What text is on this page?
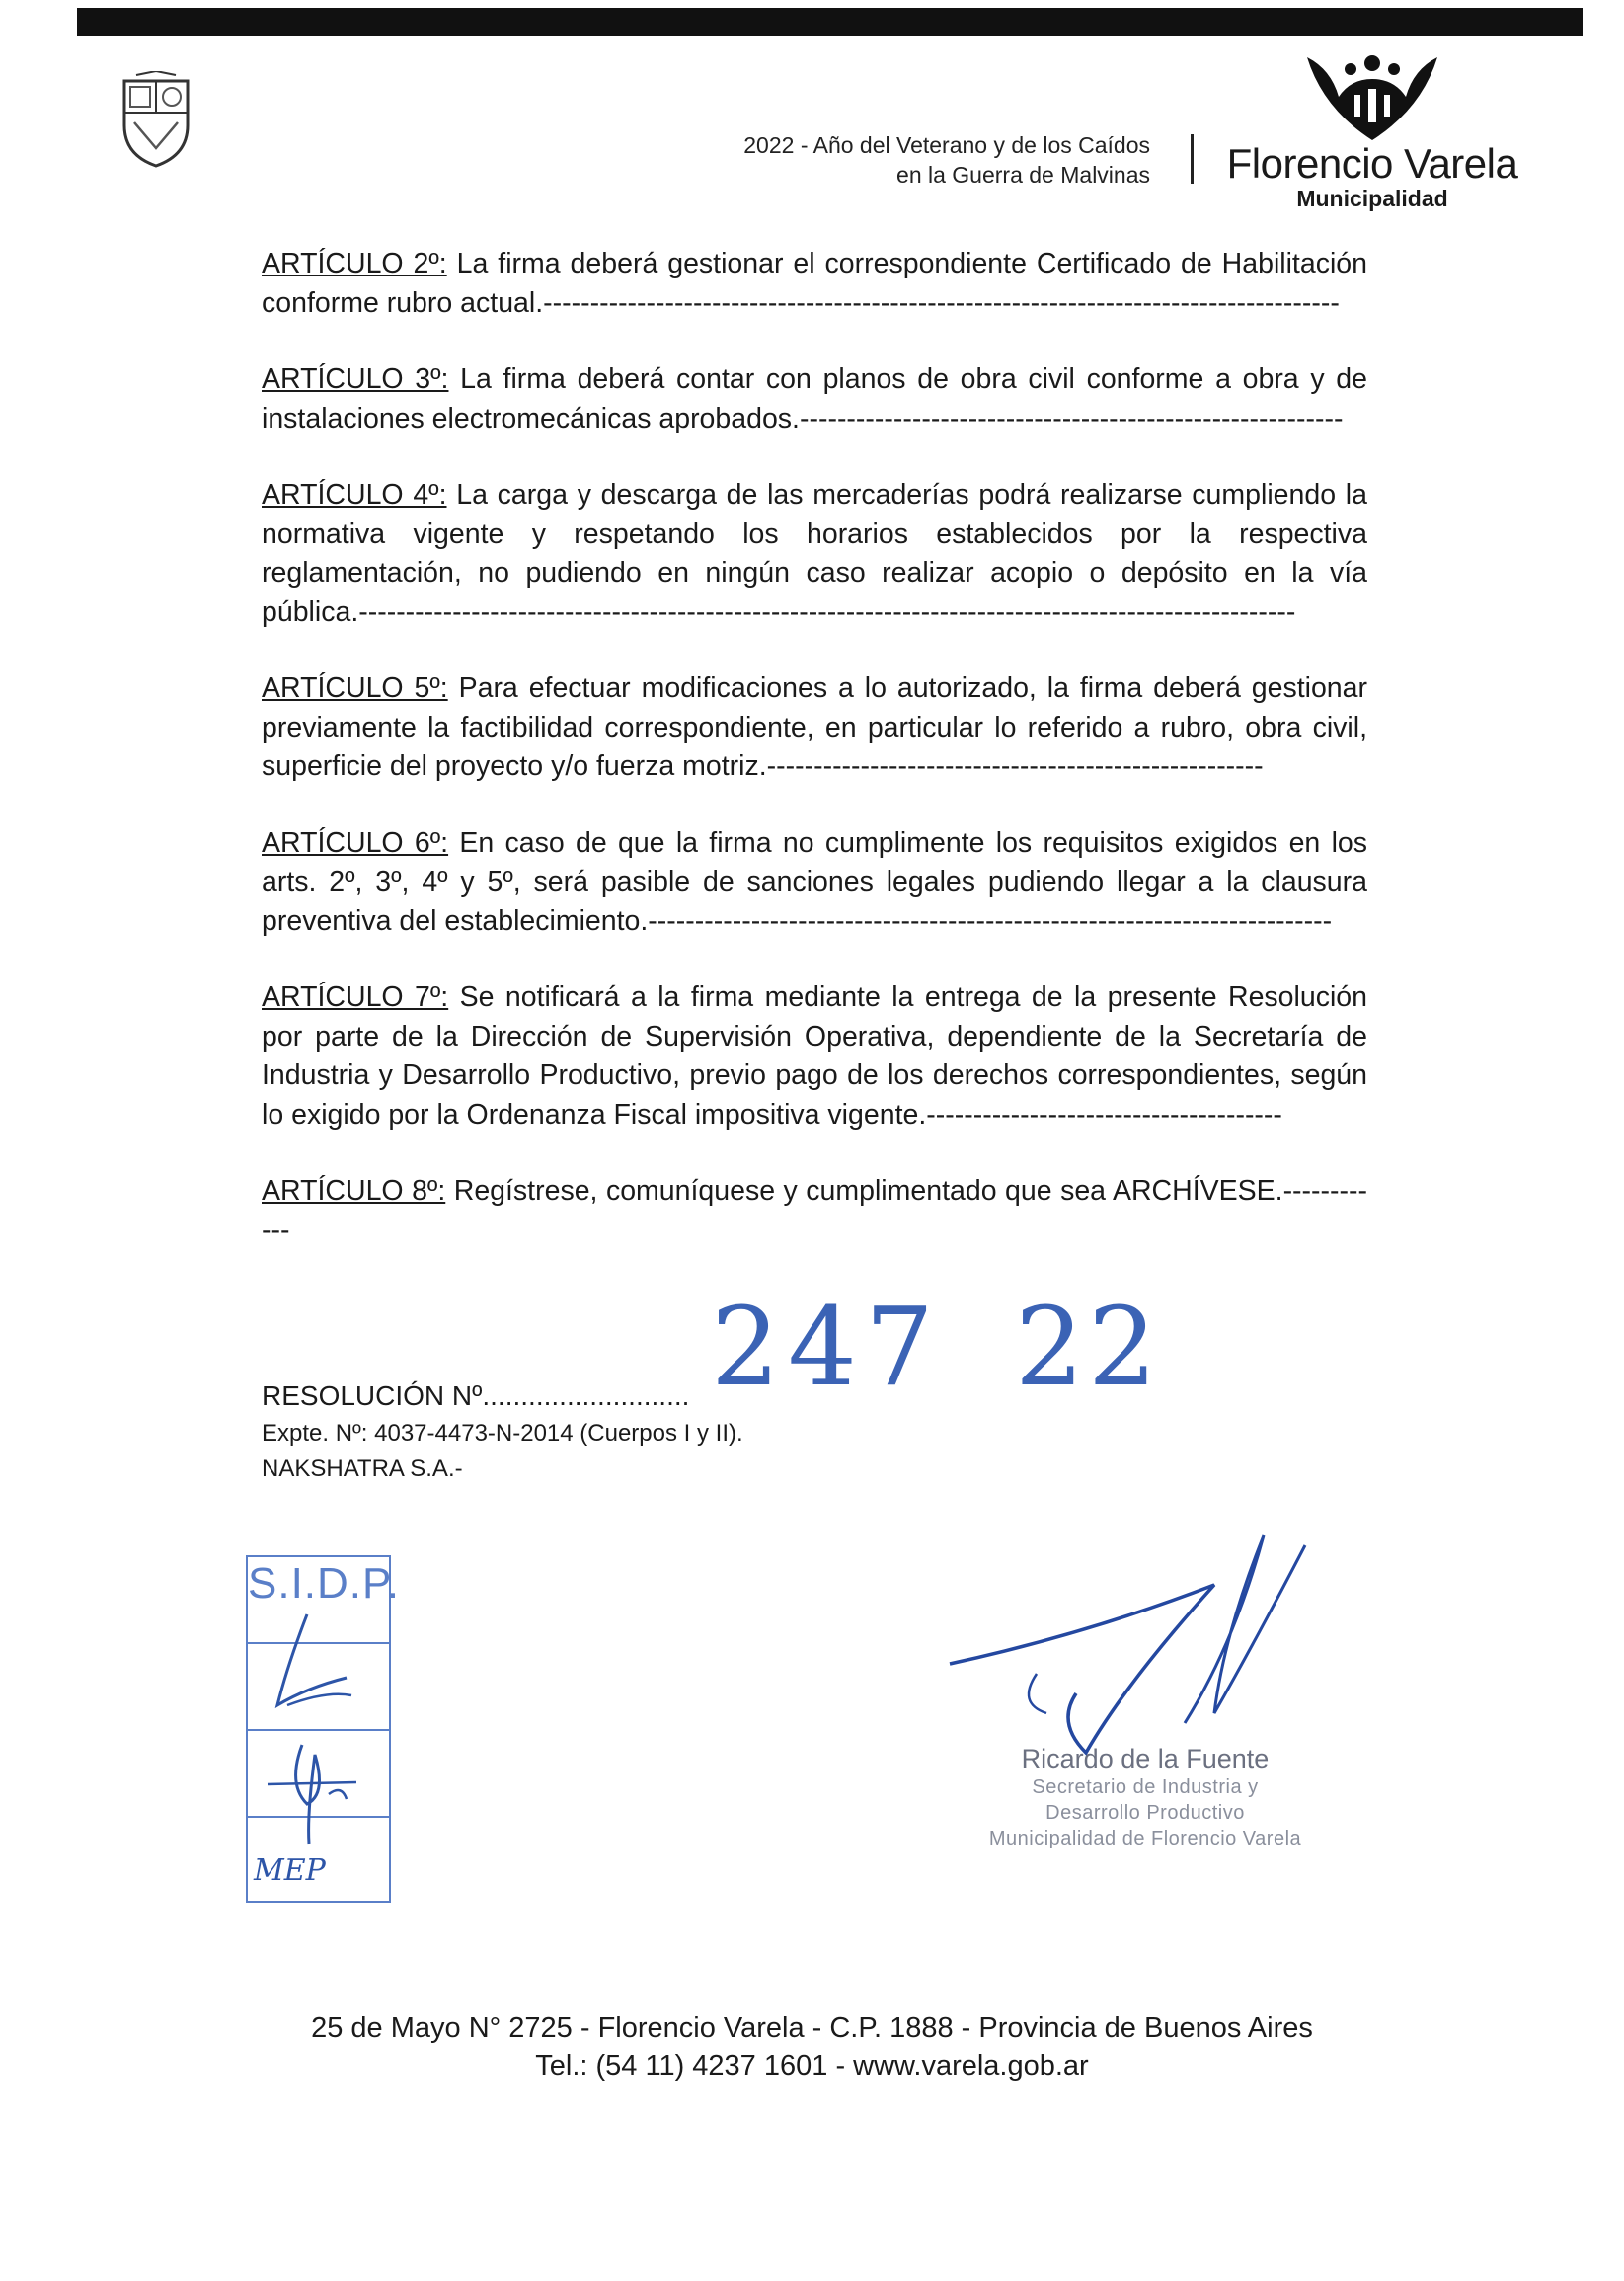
2022 - Año del Veterano y de los Caídos
en la Guerra de Malvinas Florencio Varela
Municipalidad

ARTÍCULO 2º: La firma deberá gestionar el correspondiente Certificado de Habilitación conforme rubro actual.-------------------------------------------------------------------------------------

ARTÍCULO 3º: La firma deberá contar con planos de obra civil conforme a obra y de instalaciones electromecánicas aprobados.----------------------------------------------------------

ARTÍCULO 4º: La carga y descarga de las mercaderías podrá realizarse cumpliendo la normativa vigente y respetando los horarios establecidos por la respectiva reglamentación, no pudiendo en ningún caso realizar acopio o depósito en la vía pública.----------------------------------------------------------------------------------------------------

ARTÍCULO 5º: Para efectuar modificaciones a lo autorizado, la firma deberá gestionar previamente la factibilidad correspondiente, en particular lo referido a rubro, obra civil, superficie del proyecto y/o fuerza motriz.-----------------------------------------------------

ARTÍCULO 6º: En caso de que la firma no cumplimente los requisitos exigidos en los arts. 2º, 3º, 4º y 5º, será pasible de sanciones legales pudiendo llegar a la clausura preventiva del establecimiento.-------------------------------------------------------------------------

ARTÍCULO 7º: Se notificará a la firma mediante la entrega de la presente Resolución por parte de la Dirección de Supervisión Operativa, dependiente de la Secretaría de Industria y Desarrollo Productivo, previo pago de los derechos correspondientes, según lo exigido por la Ordenanza Fiscal impositiva vigente.--------------------------------------

ARTÍCULO 8º: Regístrese, comuníquese y cumplimentado que sea ARCHÍVESE.------------

247 22
RESOLUCIÓN Nº...........................
Expte. Nº: 4037-4473-N-2014 (Cuerpos I y II).
NAKSHATRA S.A.-
S.I.D.P.
MEP
Ricardo de la Fuente
Secretario de Industria y
Desarrollo Productivo
Municipalidad de Florencio Varela
25 de Mayo N° 2725 - Florencio Varela - C.P. 1888 - Provincia de Buenos Aires
Tel.: (54 11) 4237 1601 - www.varela.gob.ar
